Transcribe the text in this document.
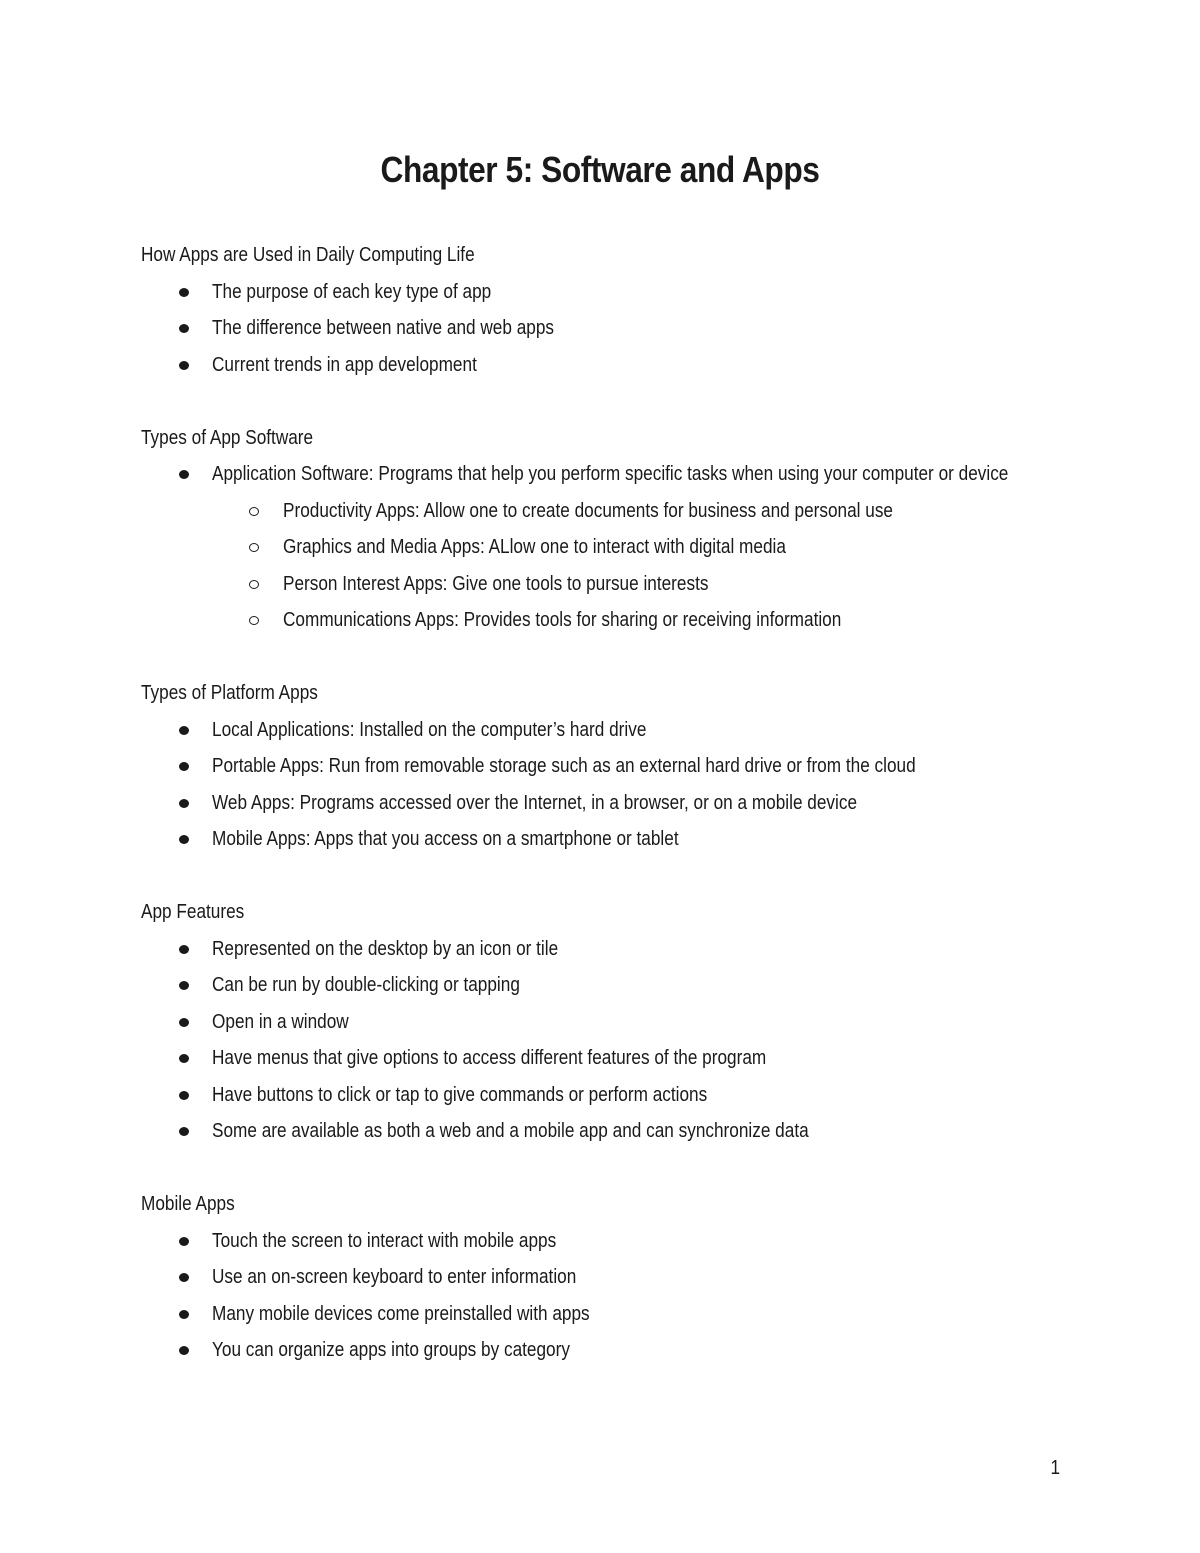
Chapter 5: Software and Apps
How Apps are Used in Daily Computing Life
The purpose of each key type of app
The difference between native and web apps
Current trends in app development
Types of App Software
Application Software: Programs that help you perform specific tasks when using your computer or device
Productivity Apps: Allow one to create documents for business and personal use
Graphics and Media Apps: ALlow one to interact with digital media
Person Interest Apps: Give one tools to pursue interests
Communications Apps: Provides tools for sharing or receiving information
Types of Platform Apps
Local Applications: Installed on the computer’s hard drive
Portable Apps: Run from removable storage such as an external hard drive or from the cloud
Web Apps: Programs accessed over the Internet, in a browser, or on a mobile device
Mobile Apps: Apps that you access on a smartphone or tablet
App Features
Represented on the desktop by an icon or tile
Can be run by double-clicking or tapping
Open in a window
Have menus that give options to access different features of the program
Have buttons to click or tap to give commands or perform actions
Some are available as both a web and a mobile app and can synchronize data
Mobile Apps
Touch the screen to interact with mobile apps
Use an on-screen keyboard to enter information
Many mobile devices come preinstalled with apps
You can organize apps into groups by category
1
